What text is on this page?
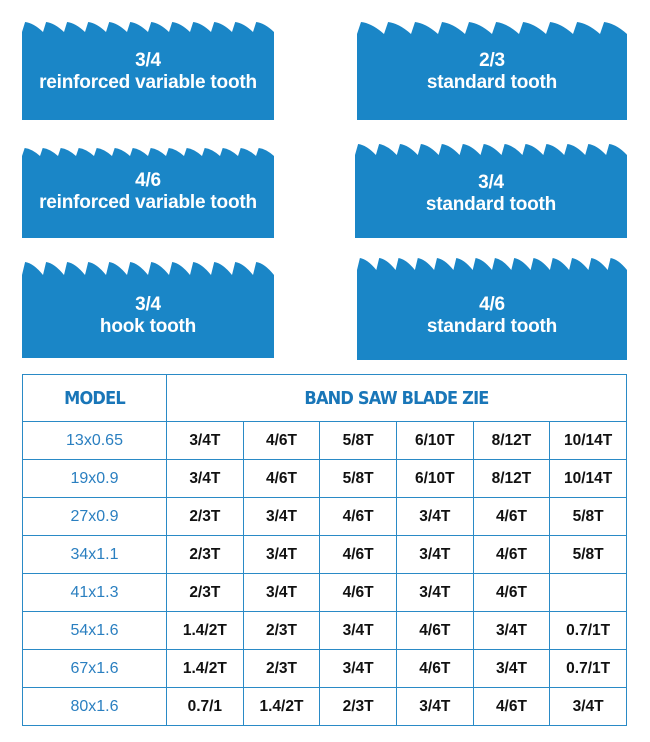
3/4
reinforced variable tooth
2/3
standard tooth
4/6
reinforced variable tooth
3/4
standard tooth
3/4
hook tooth
4/6
standard tooth
MODEL	BAND SAW BLADE ZIE					
13x0.65	3/4T	4/6T	5/8T	6/10T	8/12T	10/14T
19x0.9	3/4T	4/6T	5/8T	6/10T	8/12T	10/14T
27x0.9	2/3T	3/4T	4/6T	3/4T	4/6T	5/8T
34x1.1	2/3T	3/4T	4/6T	3/4T	4/6T	5/8T
41x1.3	2/3T	3/4T	4/6T	3/4T	4/6T	
54x1.6	1.4/2T	2/3T	3/4T	4/6T	3/4T	0.7/1T
67x1.6	1.4/2T	2/3T	3/4T	4/6T	3/4T	0.7/1T
80x1.6	0.7/1	1.4/2T	2/3T	3/4T	4/6T	3/4T
